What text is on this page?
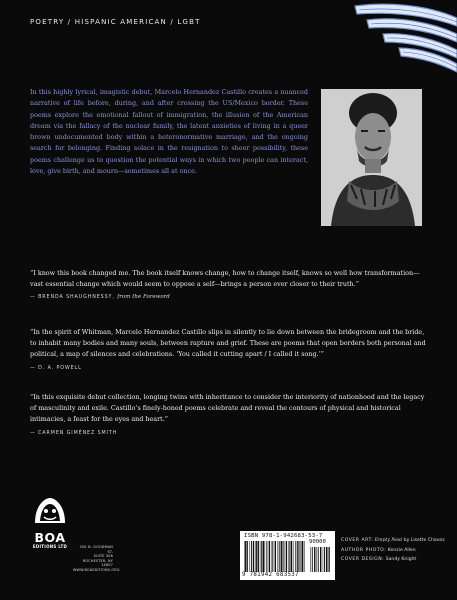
POETRY / HISPANIC AMERICAN / LGBT
In this highly lyrical, imagistic debut, Marcelo Hernandez Castillo creates a nuanced narrative of life before, during, and after crossing the US/Mexico border. These poems explore the emotional fallout of immigration, the illusion of the American dream via the fallacy of the nuclear family, the latent anxieties of living in a queer brown undocumented body within a heteronormative marriage, and the ongoing search for belonging. Finding solace in the resignation to sheer possibility, these poems challenge us to question the potential ways in which two people can interact, love, give birth, and mourn—sometimes all at once.
“I know this book changed me. The book itself knows change, how to change itself, knows so well how transformation—vast essential change which would seem to oppose a self—brings a person ever closer to their truth.”
— BRENDA SHAUGHNESSY, from the Foreword
“In the spirit of Whitman, Marcelo Hernandez Castillo slips in silently to lie down between the bridegroom and the bride, to inhabit many bodies and many souls, between rapture and grief. These are poems that open borders both personal and political, a map of silences and celebrations. ‘You called it cutting apart / I called it song.’”
— D. A. POWELL
“In this exquisite debut collection, longing twins with inheritance to consider the interiority of nationhood and the legacy of masculinity and exile. Castillo’s finely-honed poems celebrate and reveal the contours of physical and historical intimacies, a feast for the eyes and heart.”
— CARMEN GIMÉNEZ SMITH
BOA
EDITIONS LTD	250 N. GOODMAN ST.
SUITE 306
ROCHESTER, NY 14607
WWW.BOAEDITIONS.ORG
ISBN 978-1-942683-53-7
90000
9 781942 683537
COVER ART: Empty Nest by Lisette Chavez
AUTHOR PHOTO: Kenzie Allen
COVER DESIGN: Sandy Knight
